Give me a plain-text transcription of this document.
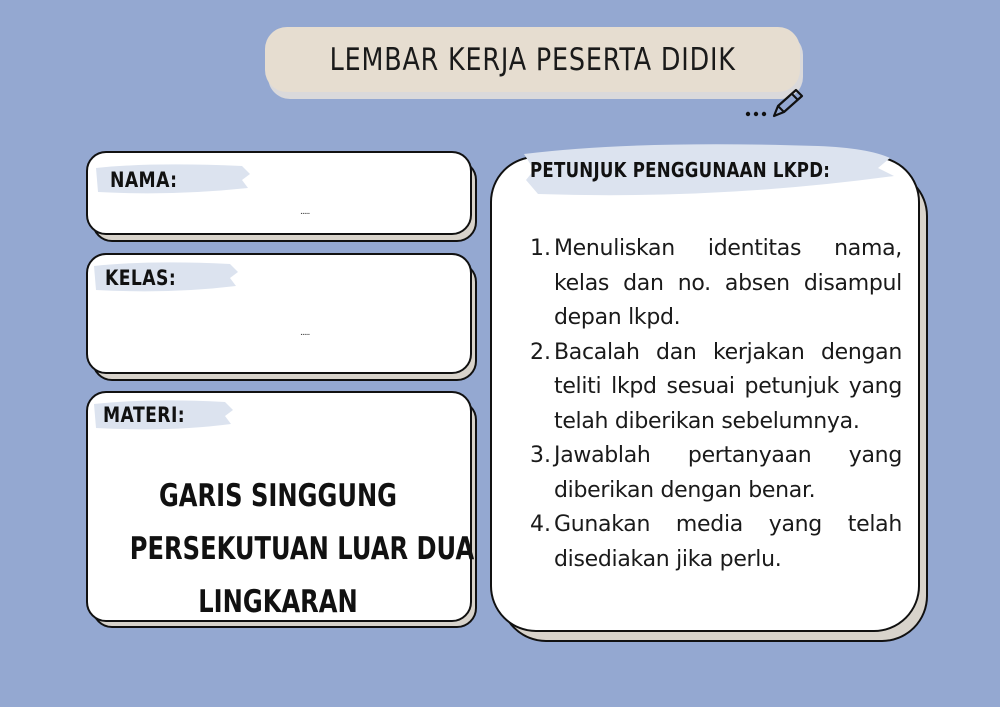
LEMBAR KERJA PESERTA DIDIK
NAMA:
.....
KELAS:
.....
MATERI:
GARIS SINGGUNG
PERSEKUTUAN LUAR DUA
LINGKARAN
PETUNJUK PENGGUNAAN LKPD:
1. Menuliskan identitas nama, kelas dan no. absen disampul depan lkpd.
2. Bacalah dan kerjakan dengan teliti lkpd sesuai petunjuk yang telah diberikan sebelumnya.
3. Jawablah pertanyaan yang diberikan dengan benar.
4. Gunakan media yang telah disediakan jika perlu.
